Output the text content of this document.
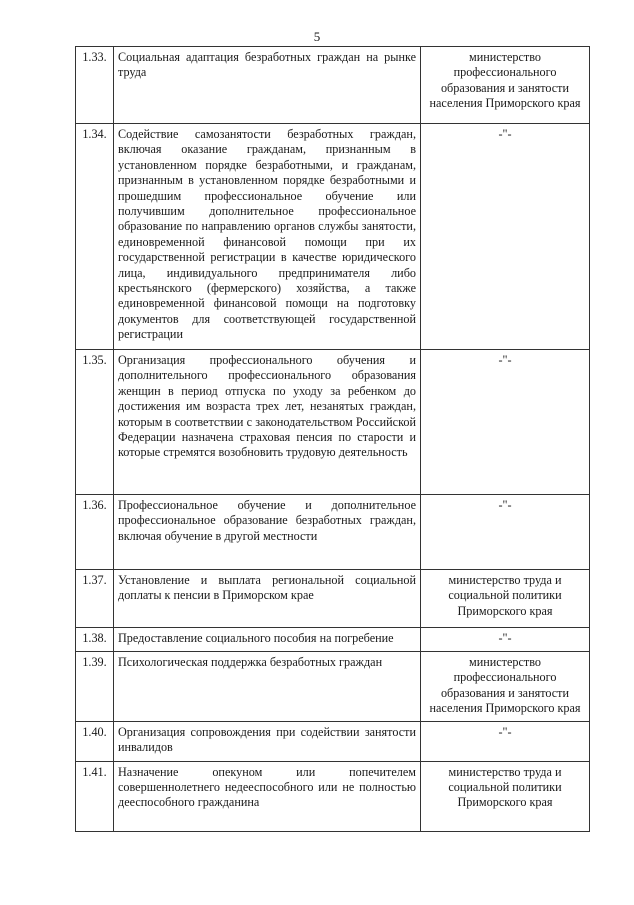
5
1.33.	Социальная адаптация безработных граждан на рынке труда	министерство профессионального образования и занятости населения Приморского края
1.34.	Содействие самозанятости безработных граждан, включая оказание гражданам, признанным в установленном порядке безработными, и гражданам, признанным в установленном порядке безработными и прошедшим профессиональное обучение или получившим дополнительное профессиональное образование по направлению органов службы занятости, единовременной финансовой помощи при их государственной регистрации в качестве юридического лица, индивидуального предпринимателя либо крестьянского (фермерского) хозяйства, а также единовременной финансовой помощи на подготовку документов для соответствующей государственной регистрации	-"-
1.35.	Организация профессионального обучения и дополнительного профессионального образования женщин в период отпуска по уходу за ребенком до достижения им возраста трех лет, незанятых граждан, которым в соответствии с законодательством Российской Федерации назначена страховая пенсия по старости и которые стремятся возобновить трудовую деятельность	-"-
1.36.	Профессиональное обучение и дополнительное профессиональное образование безработных граждан, включая обучение в другой местности	-"-
1.37.	Установление и выплата региональной социальной доплаты к пенсии в Приморском крае	министерство труда и социальной политики Приморского края
1.38.	Предоставление социального пособия на погребение	-"-
1.39.	Психологическая поддержка безработных граждан	министерство профессионального образования и занятости населения Приморского края
1.40.	Организация сопровождения при содействии занятости инвалидов	-"-
1.41.	Назначение опекуном или попечителем совершеннолетнего недееспособного или не полностью дееспособного гражданина	министерство труда и социальной политики Приморского края
